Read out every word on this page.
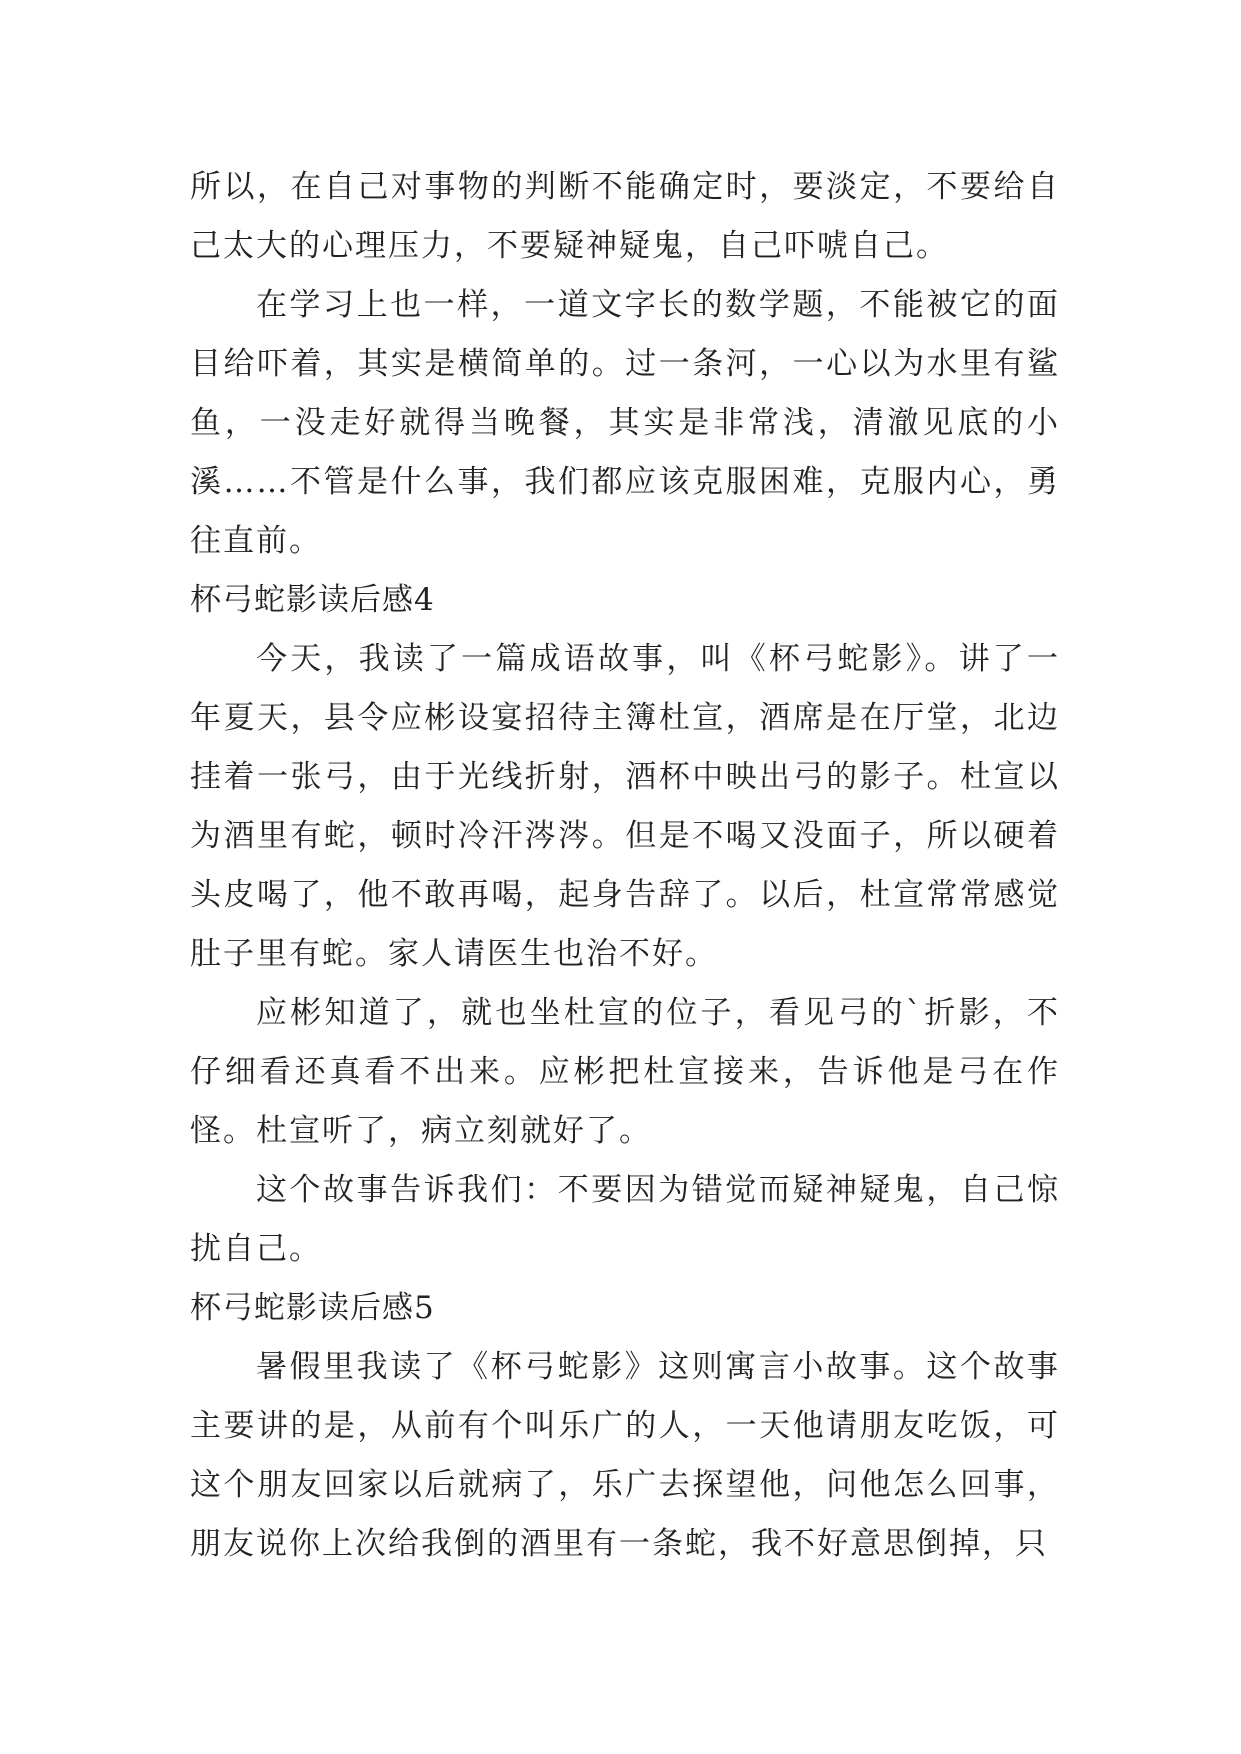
所以，在自己对事物的判断不能确定时，要淡定，不要给自己太大的心理压力，不要疑神疑鬼，自己吓唬自己。

在学习上也一样，一道文字长的数学题，不能被它的面目给吓着，其实是横简单的。过一条河，一心以为水里有鲨鱼，一没走好就得当晚餐，其实是非常浅，清澈见底的小溪……不管是什么事，我们都应该克服困难，克服内心，勇往直前。

杯弓蛇影读后感4

今天，我读了一篇成语故事，叫《杯弓蛇影》。讲了一年夏天，县令应彬设宴招待主簿杜宣，酒席是在厅堂，北边挂着一张弓，由于光线折射，酒杯中映出弓的影子。杜宣以为酒里有蛇，顿时冷汗涔涔。但是不喝又没面子，所以硬着头皮喝了，他不敢再喝，起身告辞了。以后，杜宣常常感觉肚子里有蛇。家人请医生也治不好。

应彬知道了，就也坐杜宣的位子，看见弓的`折影，不仔细看还真看不出来。应彬把杜宣接来，告诉他是弓在作怪。杜宣听了，病立刻就好了。

这个故事告诉我们：不要因为错觉而疑神疑鬼，自己惊扰自己。

杯弓蛇影读后感5

暑假里我读了《杯弓蛇影》这则寓言小故事。这个故事主要讲的是，从前有个叫乐广的人，一天他请朋友吃饭，可这个朋友回家以后就病了，乐广去探望他，问他怎么回事，朋友说你上次给我倒的酒里有一条蛇，我不好意思倒掉，只
